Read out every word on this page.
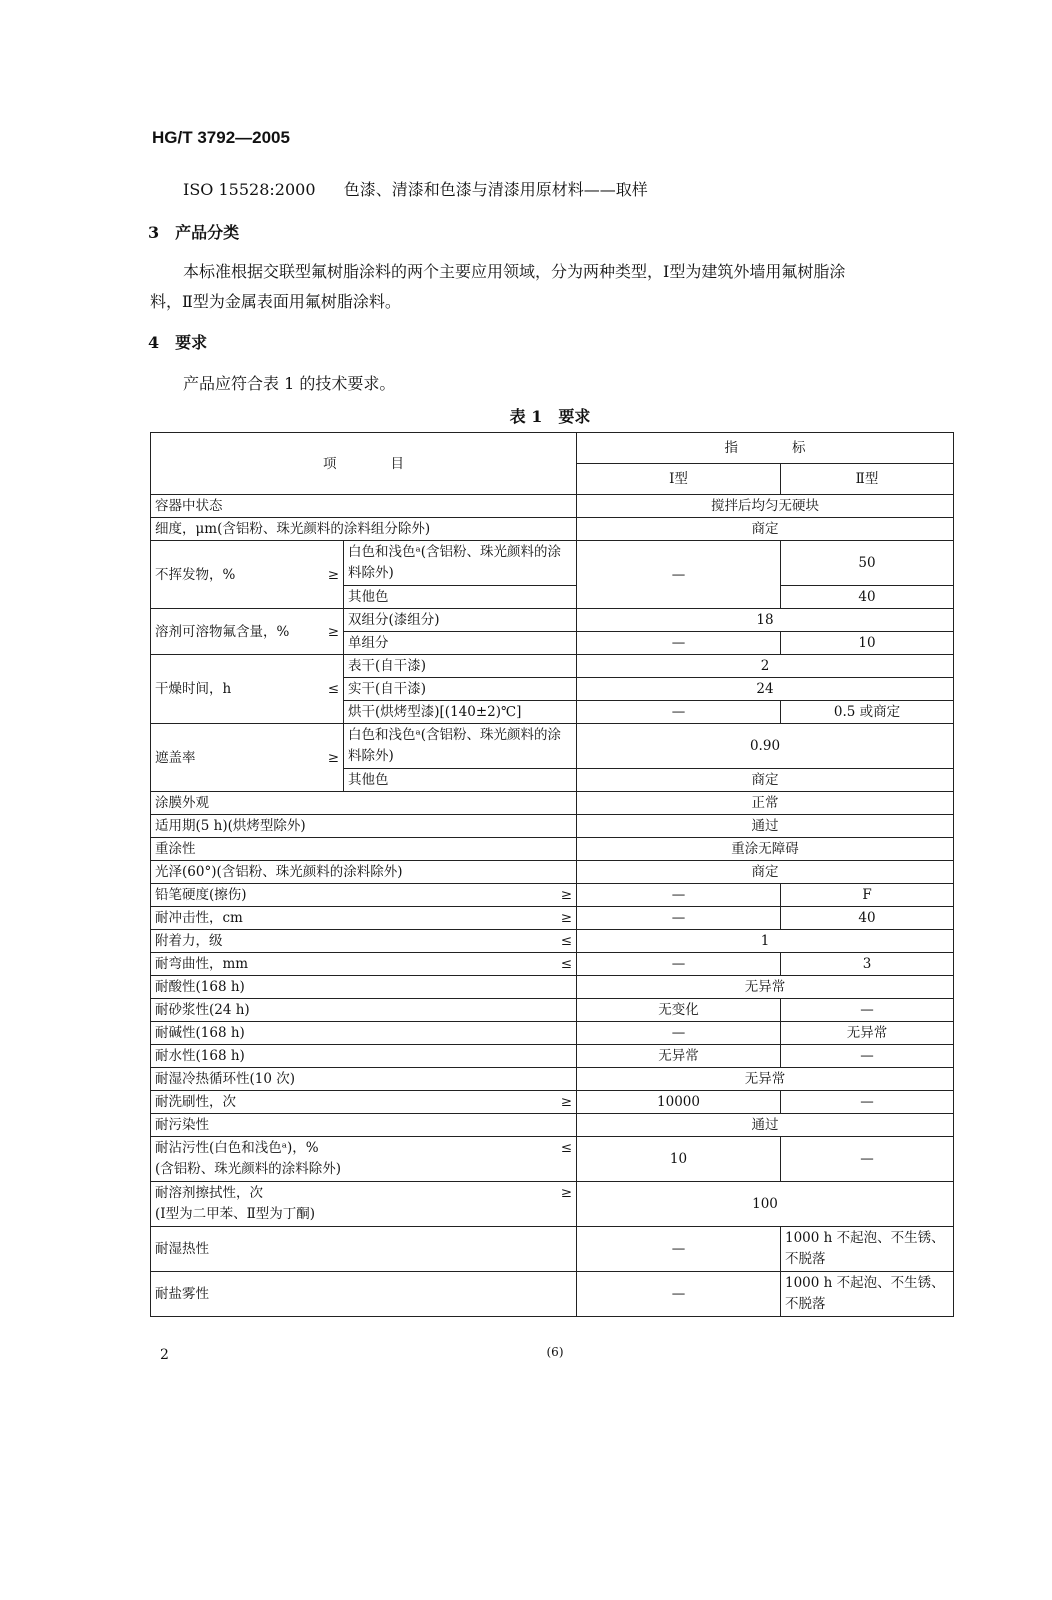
HG/T 3792—2005
ISO 15528:2000 色漆、清漆和色漆与清漆用原材料——取样
3　产品分类
本标准根据交联型氟树脂涂料的两个主要应用领域，分为两种类型，Ⅰ型为建筑外墙用氟树脂涂
料，Ⅱ型为金属表面用氟树脂涂料。
4　要求
产品应符合表 1 的技术要求。
表 1　要求
项　　　　目		指　　　　标	
		Ⅰ型	Ⅱ型
容器中状态		搅拌后均匀无硬块	
细度，μm(含铝粉、珠光颜料的涂料组分除外)		商定	

不挥发物，% ≥	白色和浅色ᵃ(含铝粉、珠光颜料的涂料除外)	—	50
	其他色		40

溶剂可溶物氟含量，% ≥	双组分(漆组分)	18	
	单组分	—	10

干燥时间，h ≤	表干(自干漆)	2	
	实干(自干漆)	24	
	烘干(烘烤型漆)[(140±2)℃]	—	0.5 或商定

遮盖率 ≥	白色和浅色ᵃ(含铝粉、珠光颜料的涂料除外)	0.90	
	其他色	商定	
涂膜外观		正常	
适用期(5 h)(烘烤型除外)		通过	
重涂性		重涂无障碍	
光泽(60°)(含铝粉、珠光颜料的涂料除外)		商定	

铅笔硬度(擦伤) ≥		—	F

耐冲击性，cm ≥		—	40

附着力，级 ≤		1	

耐弯曲性，mm ≤		—	3
耐酸性(168 h)		无异常	
耐砂浆性(24 h)		无变化	—
耐碱性(168 h)		—	无异常
耐水性(168 h)		无异常	—
耐湿冷热循环性(10 次)		无异常	

耐洗刷性，次 ≥		10000	—
耐污染性		通过	

耐沾污性(白色和浅色ᵃ)，% ≤
(含铝粉、珠光颜料的涂料除外)		10	—

耐溶剂擦拭性，次 ≥
(Ⅰ型为二甲苯、Ⅱ型为丁酮)		100	
耐湿热性		—	1000 h 不起泡、不生锈、不脱落
耐盐雾性		—	1000 h 不起泡、不生锈、不脱落
2	(6)
